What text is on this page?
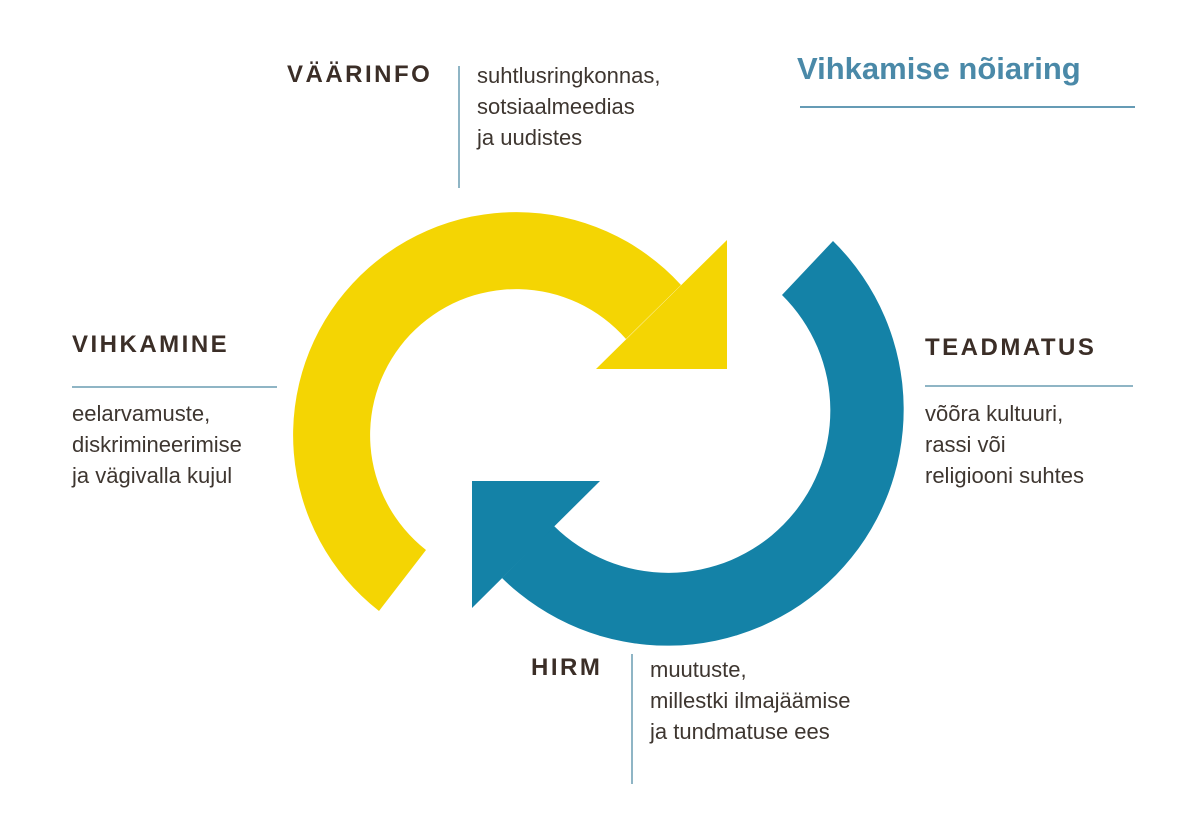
Vihkamise nõiaring
VÄÄRINFO suhtlusringkonnas,
sotsiaalmeedias
ja uudistes
TEADMATUS
võõra kultuuri,
rassi või
religiooni suhtes
HIRM muutuste,
millestki ilmajäämise
ja tundmatuse ees
VIHKAMINE
eelarvamuste,
diskrimineerimise
ja vägivalla kujul
